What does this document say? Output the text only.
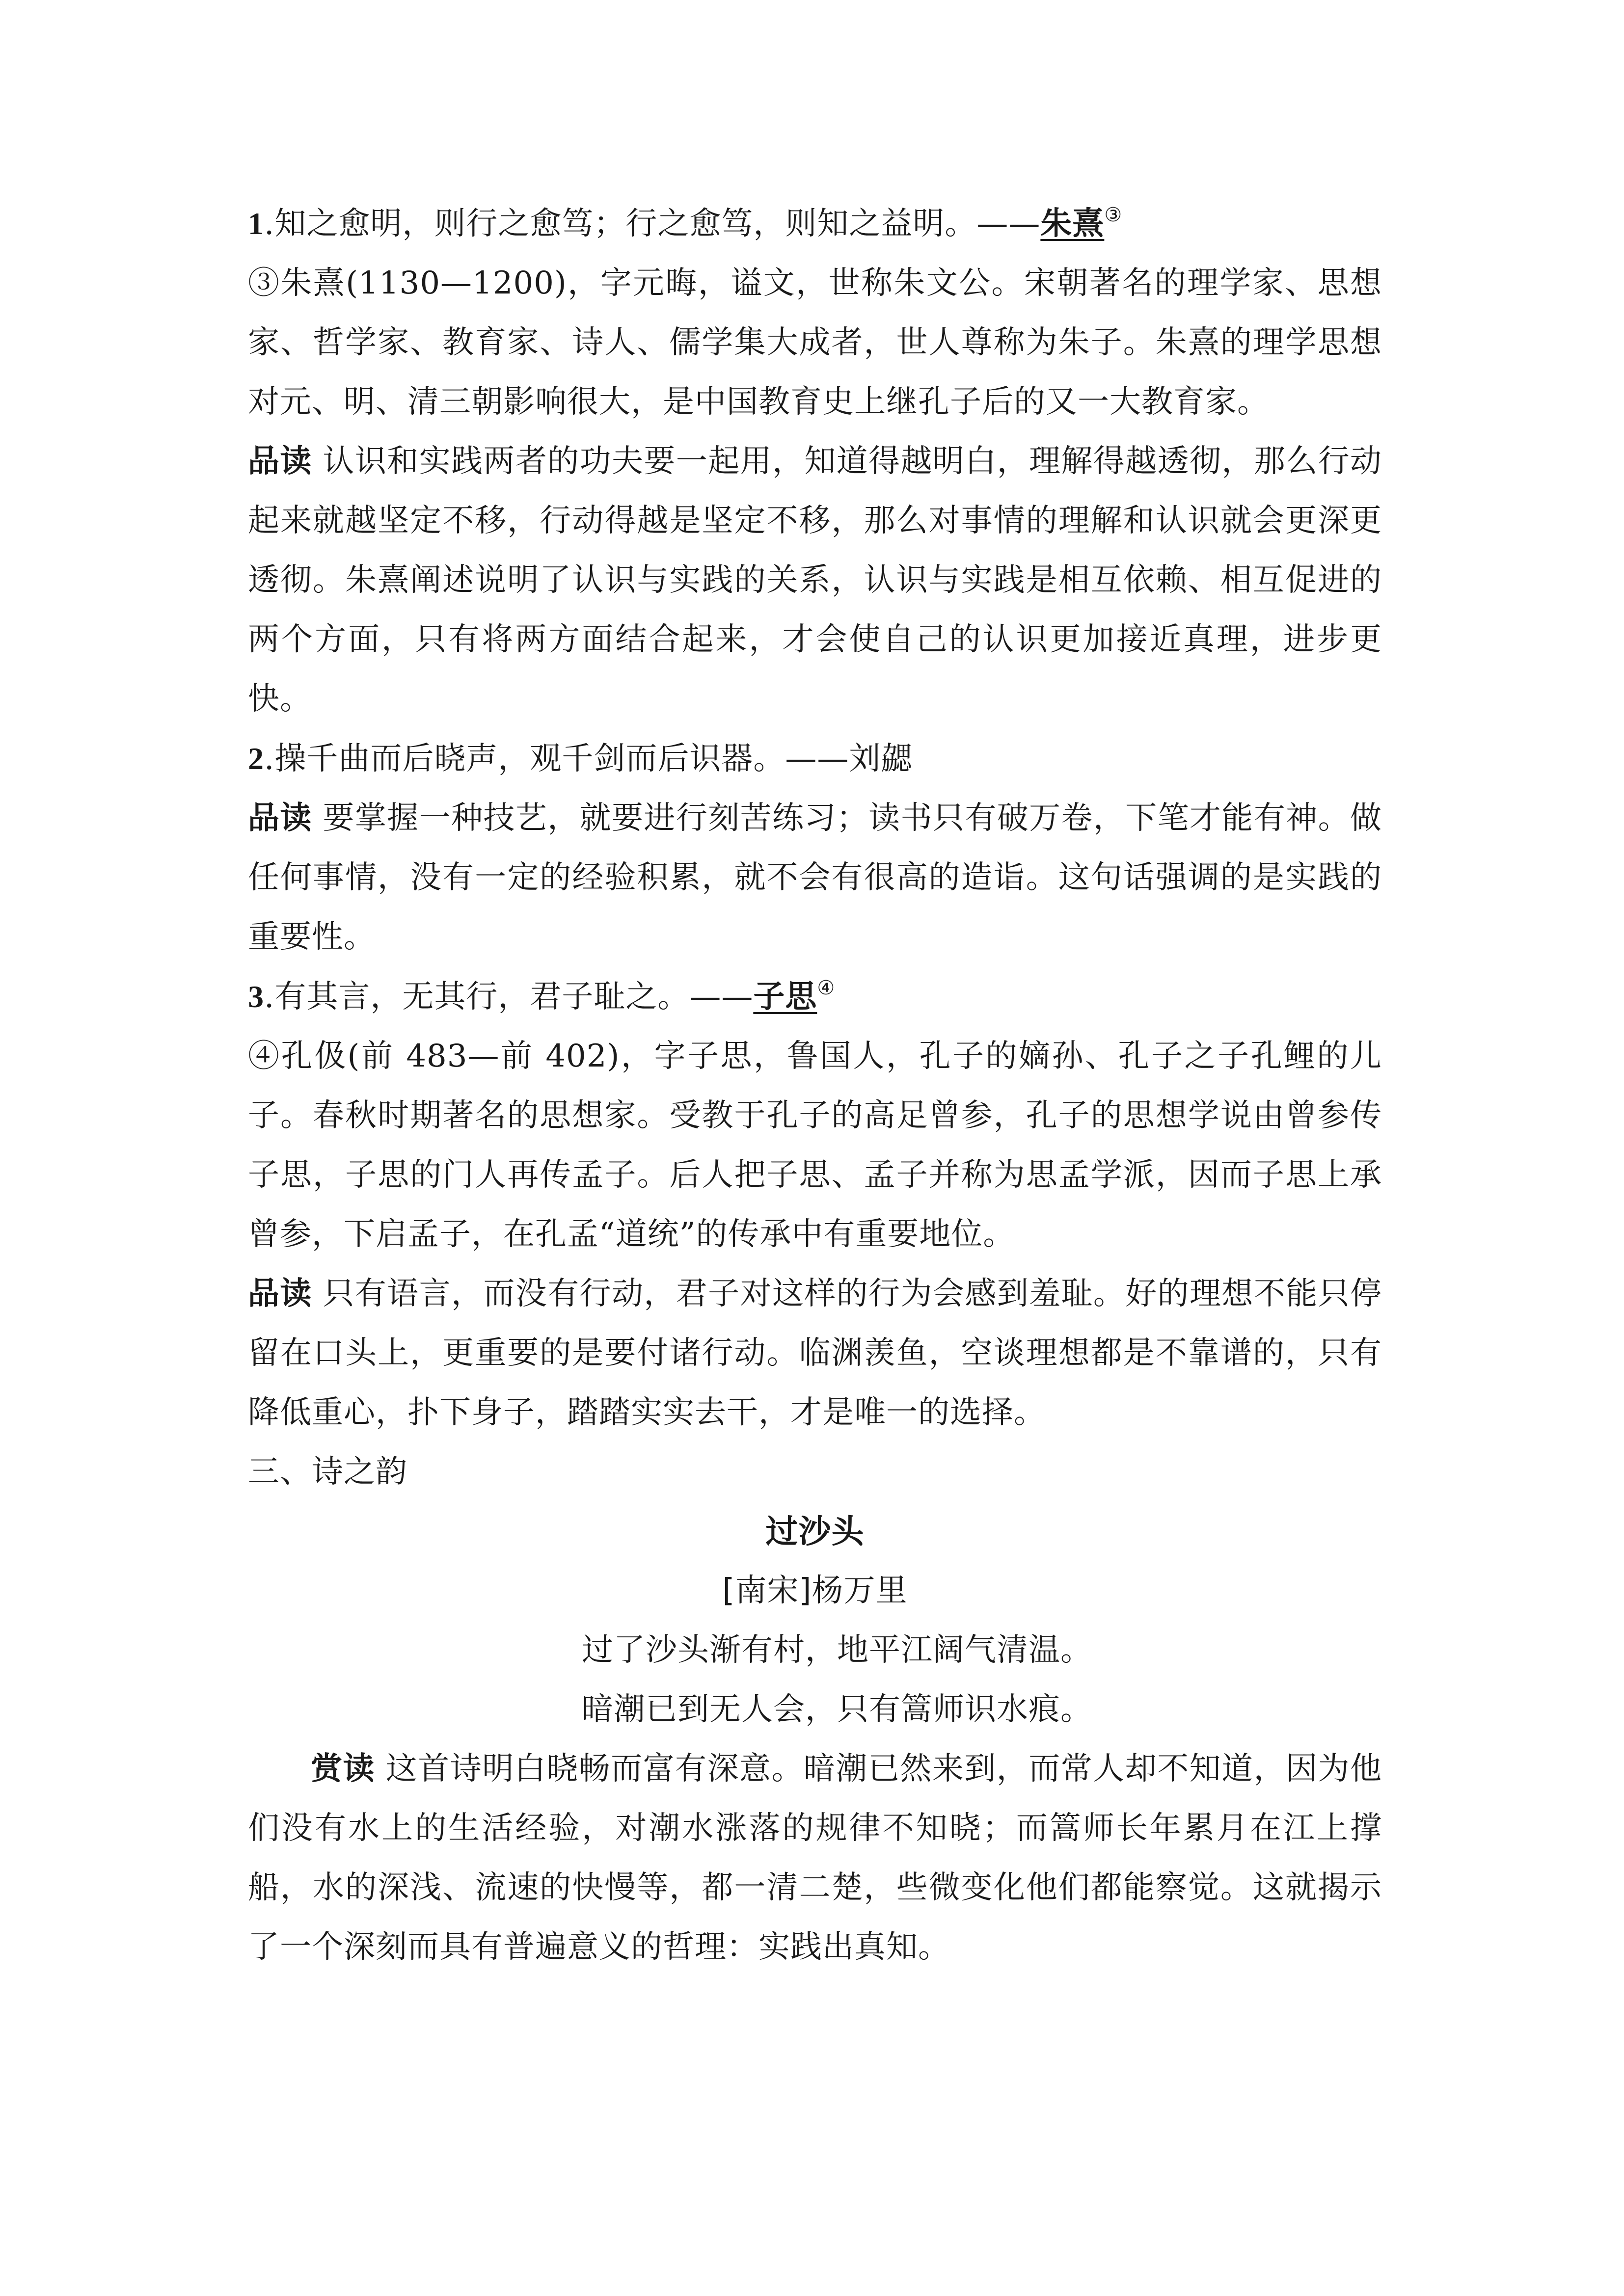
1.知之愈明，则行之愈笃；行之愈笃，则知之益明。——朱熹③

③朱熹(1130—1200)，字元晦，谥文，世称朱文公。宋朝著名的理学家、思想家、哲学家、教育家、诗人、儒学集大成者，世人尊称为朱子。朱熹的理学思想对元、明、清三朝影响很大，是中国教育史上继孔子后的又一大教育家。

品读 认识和实践两者的功夫要一起用，知道得越明白，理解得越透彻，那么行动起来就越坚定不移，行动得越是坚定不移，那么对事情的理解和认识就会更深更透彻。朱熹阐述说明了认识与实践的关系，认识与实践是相互依赖、相互促进的两个方面，只有将两方面结合起来，才会使自己的认识更加接近真理，进步更快。

2.操千曲而后晓声，观千剑而后识器。——刘勰

品读 要掌握一种技艺，就要进行刻苦练习；读书只有破万卷，下笔才能有神。做任何事情，没有一定的经验积累，就不会有很高的造诣。这句话强调的是实践的重要性。

3.有其言，无其行，君子耻之。——子思④

④孔伋(前 483—前 402)，字子思，鲁国人，孔子的嫡孙、孔子之子孔鲤的儿子。春秋时期著名的思想家。受教于孔子的高足曾参，孔子的思想学说由曾参传子思，子思的门人再传孟子。后人把子思、孟子并称为思孟学派，因而子思上承曾参，下启孟子，在孔孟“道统”的传承中有重要地位。

品读 只有语言，而没有行动，君子对这样的行为会感到羞耻。好的理想不能只停留在口头上，更重要的是要付诸行动。临渊羡鱼，空谈理想都是不靠谱的，只有降低重心，扑下身子，踏踏实实去干，才是唯一的选择。

三、诗之韵

过沙头

[南宋]杨万里

过了沙头渐有村，地平江阔气清温。

暗潮已到无人会，只有篙师识水痕。

赏读 这首诗明白晓畅而富有深意。暗潮已然来到，而常人却不知道，因为他们没有水上的生活经验，对潮水涨落的规律不知晓；而篙师长年累月在江上撑船，水的深浅、流速的快慢等，都一清二楚，些微变化他们都能察觉。这就揭示了一个深刻而具有普遍意义的哲理：实践出真知。
